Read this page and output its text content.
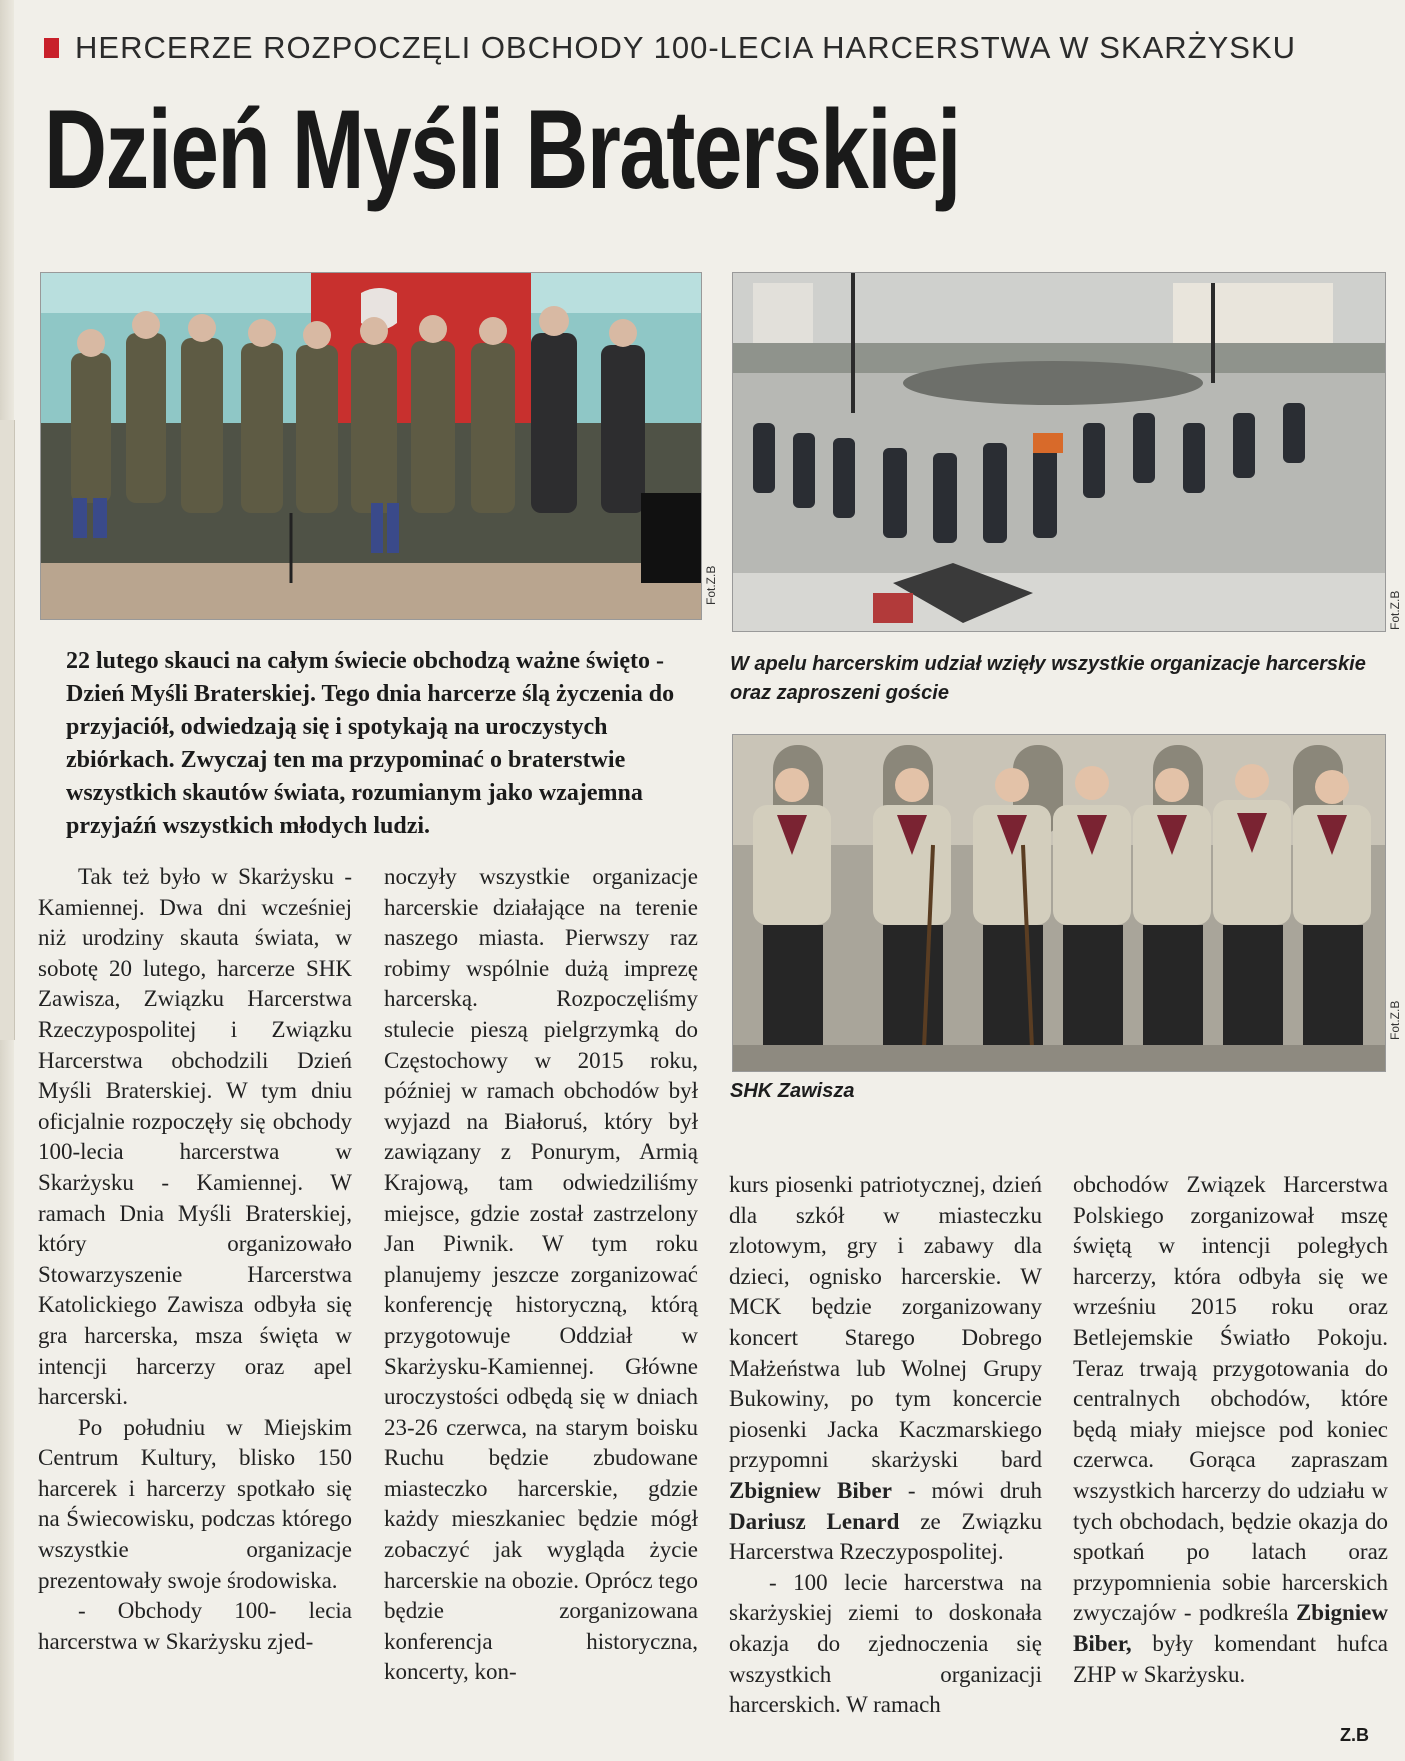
HERCERZE ROZPOCZĘLI OBCHODY 100-LECIA HARCERSTWA W SKARŻYSKU
Dzień Myśli Braterskiej
Fot.Z.B
Fot.Z.B
W apelu harcerskim udział wzięły wszystkie organizacje harcerskie oraz zaproszeni goście
Fot.Z.B
SHK Zawisza
22 lutego skauci na całym świecie obchodzą ważne święto - Dzień Myśli Braterskiej. Tego dnia harcerze ślą życzenia do przyjaciół, odwiedzają się i spotykają na uroczystych zbiórkach. Zwyczaj ten ma przypominać o braterstwie wszystkich skautów świata, rozumianym jako wzajemna przyjaźń wszystkich młodych ludzi.

Tak też było w Skarżysku - Kamiennej. Dwa dni wcześniej niż urodziny skauta świata, w sobotę 20 lutego, harcerze SHK Zawisza, Związku Harcerstwa Rzeczypospolitej i Związku Harcerstwa obchodzili Dzień Myśli Braterskiej. W tym dniu oficjalnie rozpoczęły się obchody 100-lecia harcerstwa w Skarżysku - Kamiennej. W ramach Dnia Myśli Braterskiej, który organizowało Stowarzyszenie Harcerstwa Katolickiego Zawisza odbyła się gra harcerska, msza święta w intencji harcerzy oraz apel harcerski.

Po południu w Miejskim Centrum Kultury, blisko 150 harcerek i harcerzy spotkało się na Świecowisku, podczas którego wszystkie organizacje prezentowały swoje środowiska.

- Obchody 100- lecia harcerstwa w Skarżysku zjed-

noczyły wszystkie organizacje harcerskie działające na terenie naszego miasta. Pierwszy raz robimy wspólnie dużą imprezę harcerską. Rozpoczęliśmy stulecie pieszą pielgrzymką do Częstochowy w 2015 roku, później w ramach obchodów był wyjazd na Białoruś, który był zawiązany z Ponurym, Armią Krajową, tam odwiedziliśmy miejsce, gdzie został zastrzelony Jan Piwnik. W tym roku planujemy jeszcze zorganizować konferencję historyczną, którą przygotowuje Oddział w Skarżysku-Kamiennej. Główne uroczystości odbędą się w dniach 23-26 czerwca, na starym boisku Ruchu będzie zbudowane miasteczko harcerskie, gdzie każdy mieszkaniec będzie mógł zobaczyć jak wygląda życie harcerskie na obozie. Oprócz tego będzie zorganizowana konferencja historyczna, koncerty, kon-

kurs piosenki patriotycznej, dzień dla szkół w miasteczku zlotowym, gry i zabawy dla dzieci, ognisko harcerskie. W MCK będzie zorganizowany koncert Starego Dobrego Małżeństwa lub Wolnej Grupy Bukowiny, po tym koncercie piosenki Jacka Kaczmarskiego przypomni skarżyski bard Zbigniew Biber - mówi druh Dariusz Lenard ze Związku Harcerstwa Rzeczypospolitej.

- 100 lecie harcerstwa na skarżyskiej ziemi to doskonała okazja do zjednoczenia się wszystkich organizacji harcerskich. W ramach

obchodów Związek Harcerstwa Polskiego zorganizował mszę świętą w intencji poległych harcerzy, która odbyła się we wrześniu 2015 roku oraz Betlejemskie Światło Pokoju. Teraz trwają przygotowania do centralnych obchodów, które będą miały miejsce pod koniec czerwca. Gorąca zapraszam wszystkich harcerzy do udziału w tych obchodach, będzie okazja do spotkań po latach oraz przypomnienia sobie harcerskich zwyczajów - podkreśla Zbigniew Biber, były komendant hufca ZHP w Skarżysku.

Z.B
